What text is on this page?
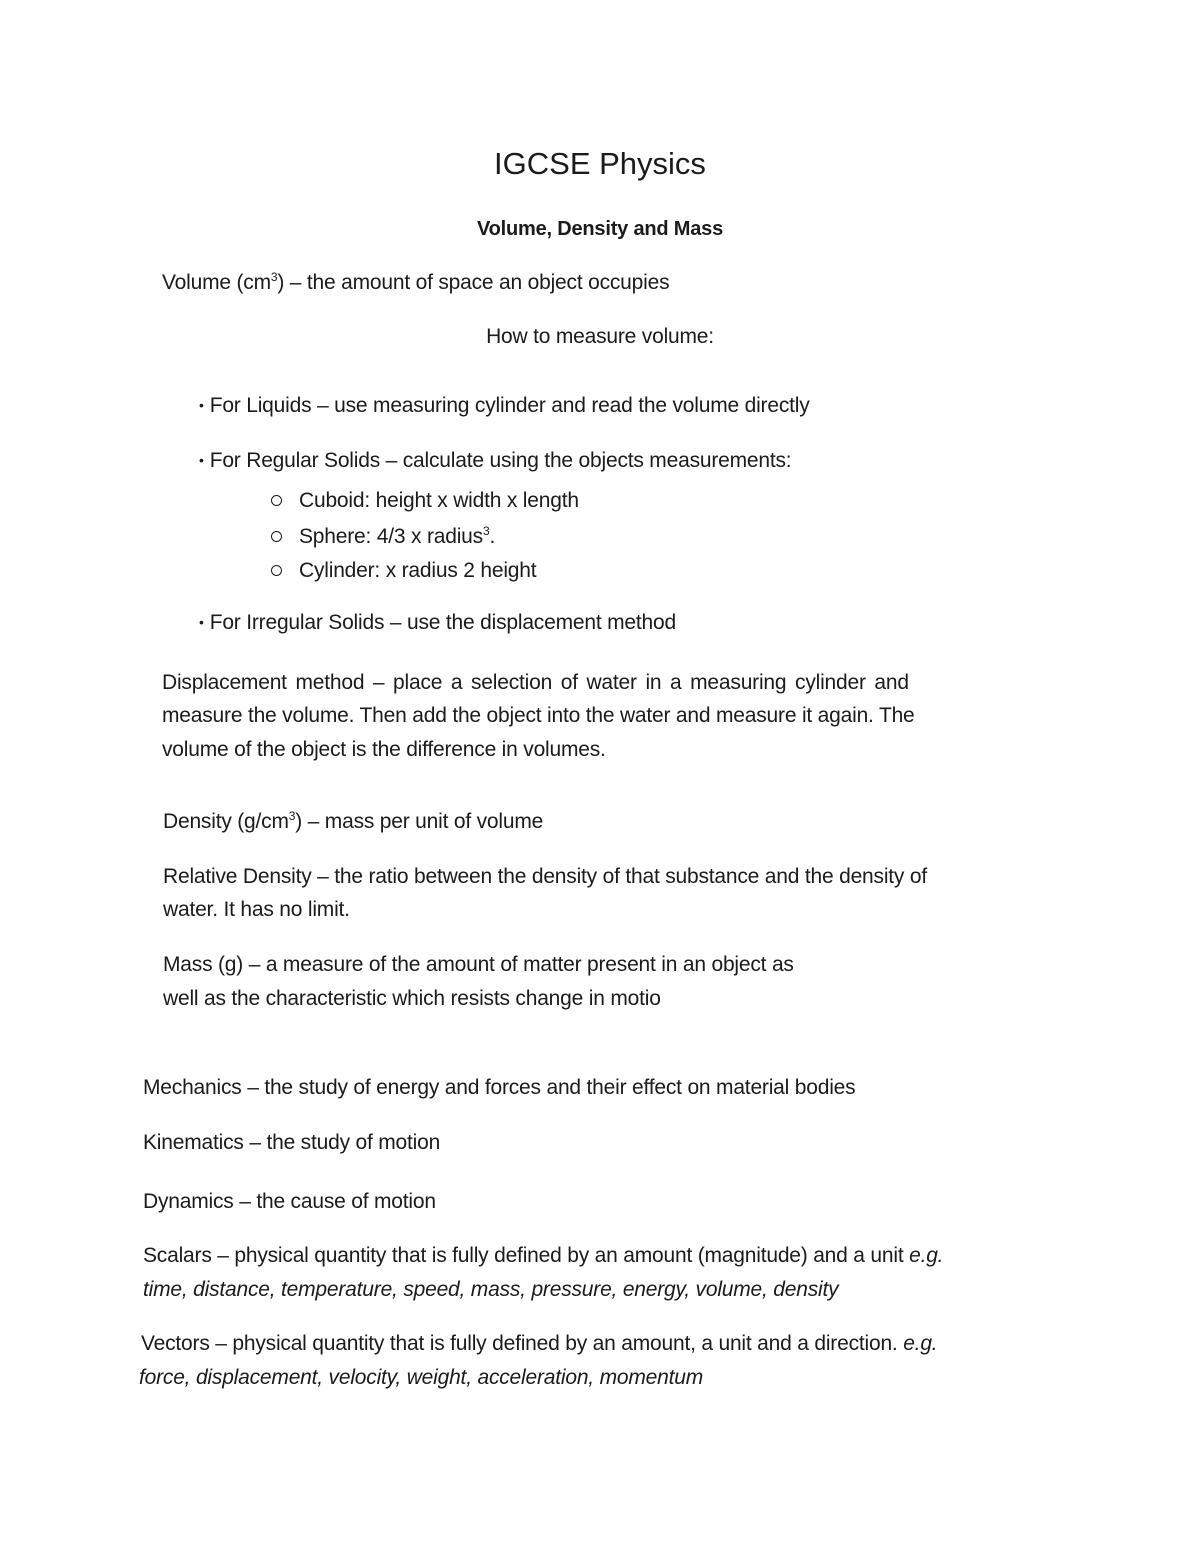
IGCSE Physics
Volume, Density and Mass
Volume $(cm^3)$ – the amount of space an object occupies
How to measure volume:
• For Liquids – use measuring cylinder and read the volume directly
• For Regular Solids – calculate using the objects measurements:
Cuboid: height x width x length
Sphere: 4/3 x radius$^3$.
Cylinder: x radius 2 height
• For Irregular Solids – use the displacement method
Displacement method – place a selection of water in a measuring cylinder and
measure the volume. Then add the object into the water and measure it again. The
volume of the object is the difference in volumes.
Density $(g/cm^3)$ – mass per unit of volume
Relative Density – the ratio between the density of that substance and the density of
water. It has no limit.
Mass (g) – a measure of the amount of matter present in an object as
well as the characteristic which resists change in motio
Mechanics – the study of energy and forces and their effect on material bodies
Kinematics – the study of motion
Dynamics – the cause of motion
Scalars – physical quantity that is fully defined by an amount (magnitude) and a unit e.g.
time, distance, temperature, speed, mass, pressure, energy, volume, density
Vectors – physical quantity that is fully defined by an amount, a unit and a direction. e.g.
force, displacement, velocity, weight, acceleration, momentum
